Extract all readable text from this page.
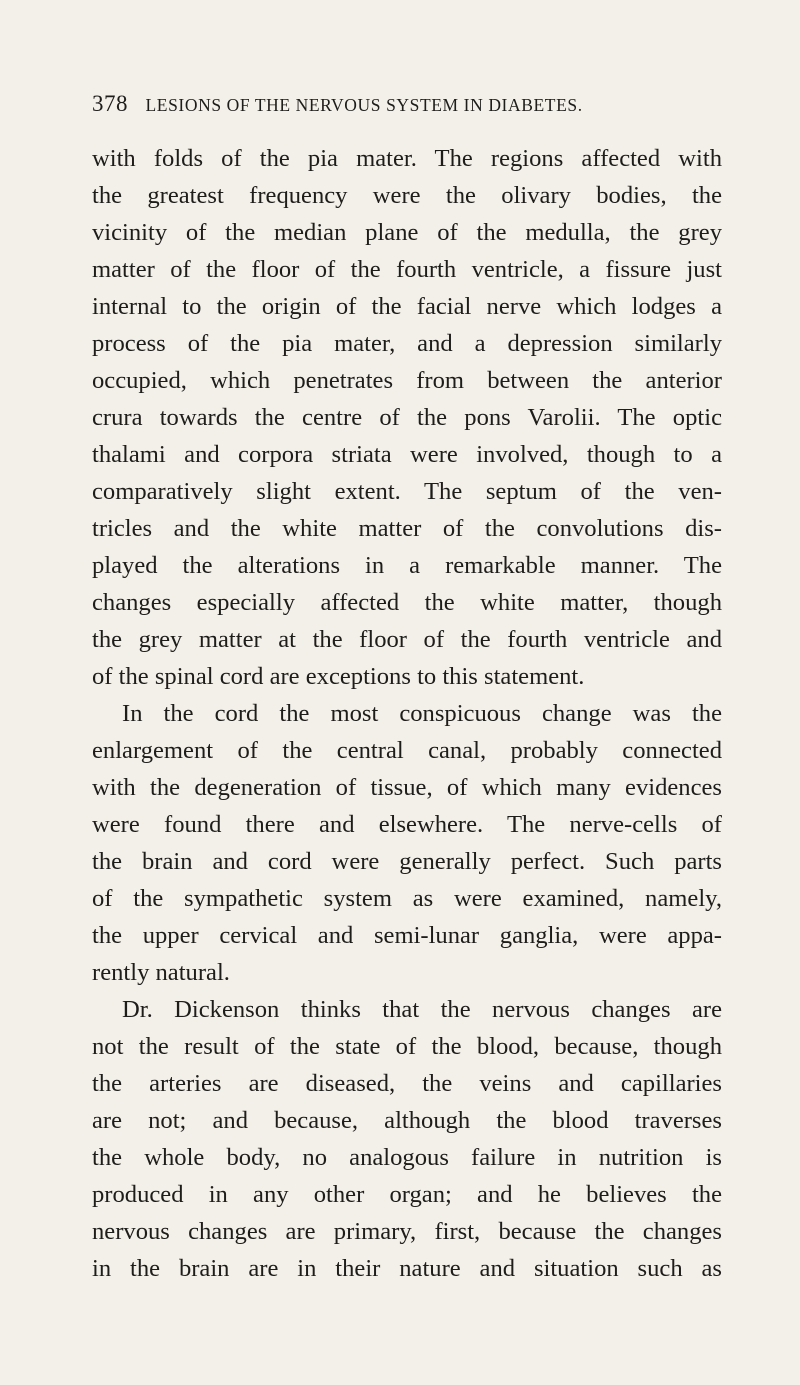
378 LESIONS OF THE NERVOUS SYSTEM IN DIABETES.
with folds of the pia mater. The regions affected with
the greatest frequency were the olivary bodies, the
vicinity of the median plane of the medulla, the grey
matter of the floor of the fourth ventricle, a fissure just
internal to the origin of the facial nerve which lodges a
process of the pia mater, and a depression similarly
occupied, which penetrates from between the anterior
crura towards the centre of the pons Varolii. The optic
thalami and corpora striata were involved, though to a
comparatively slight extent. The septum of the ven-
tricles and the white matter of the convolutions dis-
played the alterations in a remarkable manner. The
changes especially affected the white matter, though
the grey matter at the floor of the fourth ventricle and
of the spinal cord are exceptions to this statement.
In the cord the most conspicuous change was the
enlargement of the central canal, probably connected
with the degeneration of tissue, of which many evidences
were found there and elsewhere. The nerve-cells of
the brain and cord were generally perfect. Such parts
of the sympathetic system as were examined, namely,
the upper cervical and semi-lunar ganglia, were appa-
rently natural.
Dr. Dickenson thinks that the nervous changes are
not the result of the state of the blood, because, though
the arteries are diseased, the veins and capillaries
are not; and because, although the blood traverses
the whole body, no analogous failure in nutrition is
produced in any other organ; and he believes the
nervous changes are primary, first, because the changes
in the brain are in their nature and situation such as
